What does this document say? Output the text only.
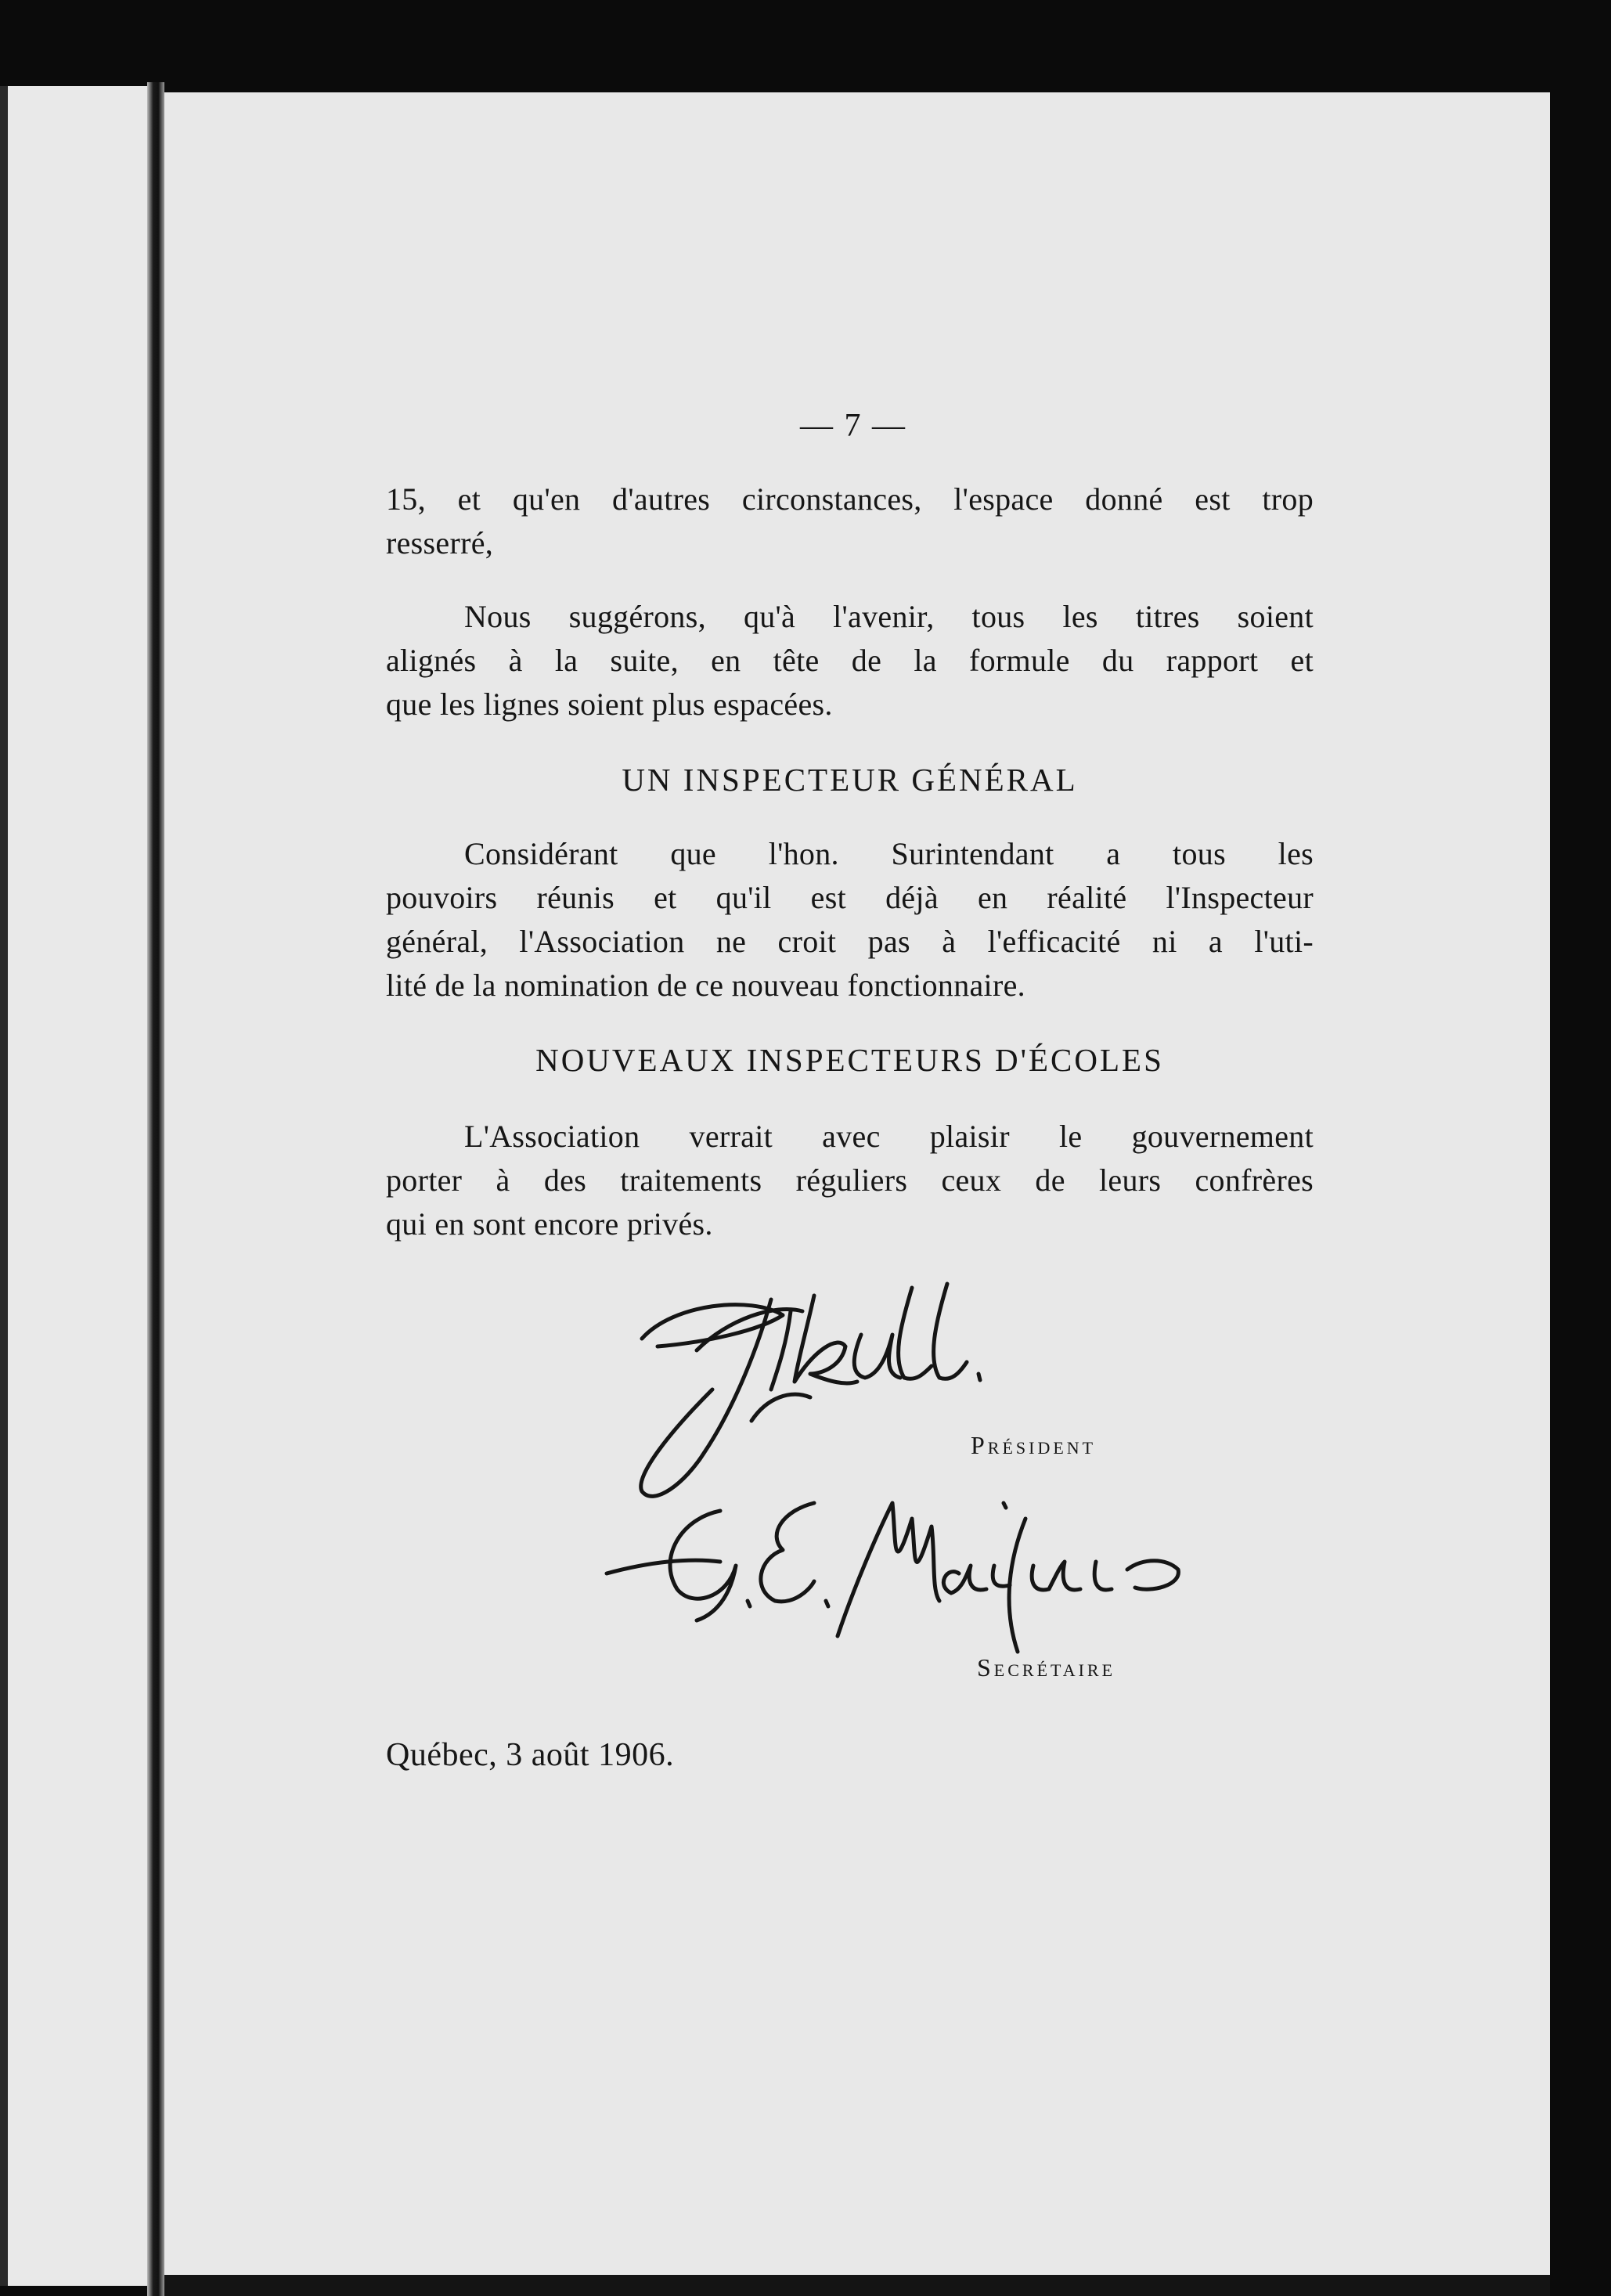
— 7 —

15, et qu'en d'autres circonstances, l'espace donné est trop

resserré,

Nous suggérons, qu'à l'avenir, tous les titres soient

alignés à la suite, en tête de la formule du rapport et

que les lignes soient plus espacées.

UN INSPECTEUR GÉNÉRAL

Considérant que l'hon. Surintendant a tous les

pouvoirs réunis et qu'il est déjà en réalité l'Inspecteur

général, l'Association ne croit pas à l'efficacité ni a l'uti-

lité de la nomination de ce nouveau fonctionnaire.

NOUVEAUX INSPECTEURS D'ÉCOLES

L'Association verrait avec plaisir le gouvernement

porter à des traitements réguliers ceux de leurs confrères

qui en sont encore privés.

Président
Secrétaire
Québec, 3 août 1906.
